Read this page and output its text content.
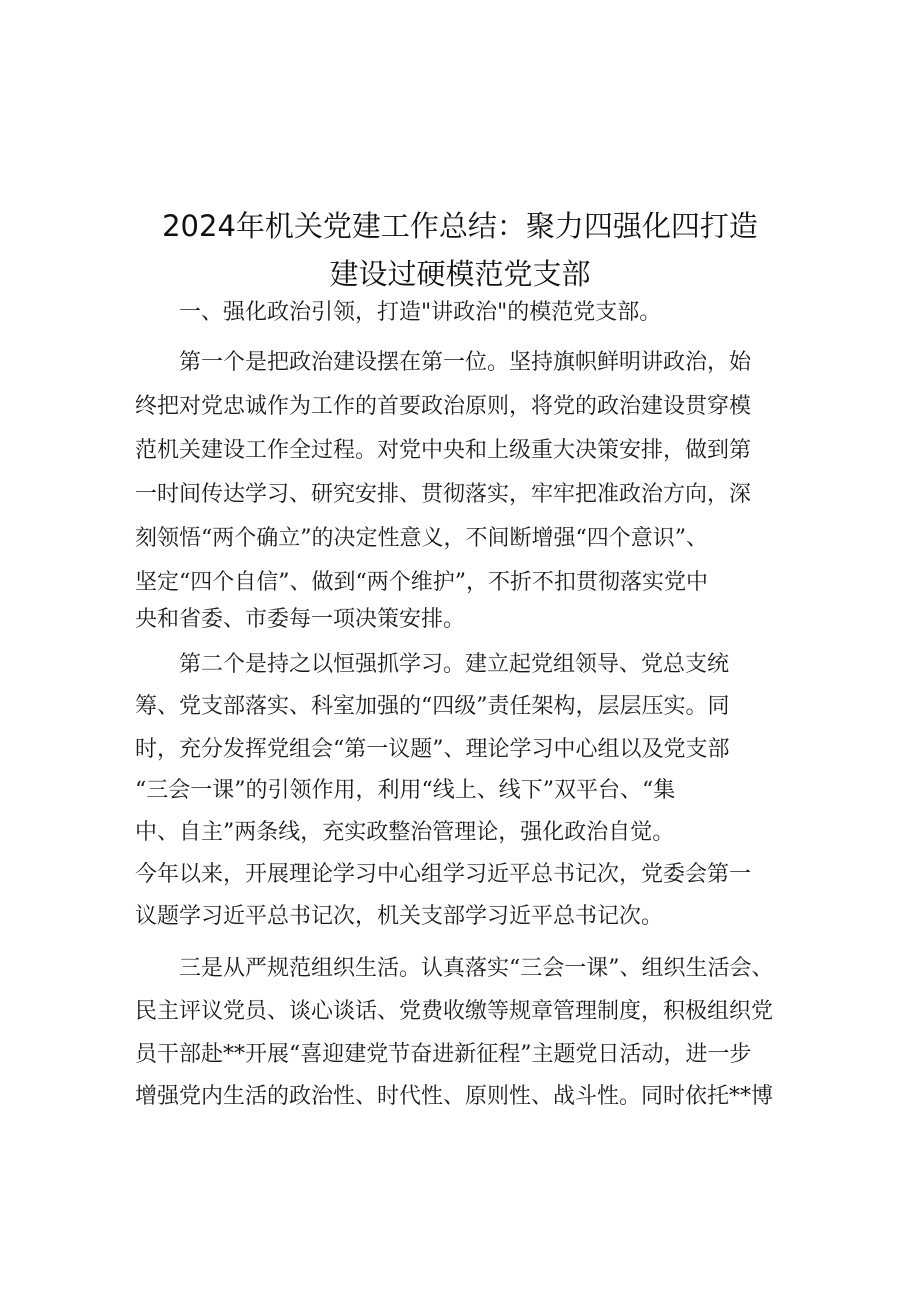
2024年机关党建工作总结：聚力四强化四打造
建设过硬模范党支部
一、强化政治引领，打造"讲政治"的模范党支部。
第一个是把政治建设摆在第一位。坚持旗帜鲜明讲政治，始
终把对党忠诚作为工作的首要政治原则，将党的政治建设贯穿模
范机关建设工作全过程。对党中央和上级重大决策安排，做到第
一时间传达学习、研究安排、贯彻落实，牢牢把准政治方向，深
刻领悟“两个确立”的决定性意义，不间断增强“四个意识”、
坚定“四个自信”、做到“两个维护”，不折不扣贯彻落实党中
央和省委、市委每一项决策安排。
第二个是持之以恒强抓学习。建立起党组领导、党总支统
筹、党支部落实、科室加强的“四级”责任架构，层层压实。同
时，充分发挥党组会“第一议题”、理论学习中心组以及党支部
“三会一课”的引领作用，利用“线上、线下”双平台、“集
中、自主”两条线，充实政整治管理论，强化政治自觉。
今年以来，开展理论学习中心组学习近平总书记次，党委会第一
议题学习近平总书记次，机关支部学习近平总书记次。
三是从严规范组织生活。认真落实“三会一课”、组织生活会、
民主评议党员、谈心谈话、党费收缴等规章管理制度，积极组织党
员干部赴**开展“喜迎建党节奋进新征程”主题党日活动，进一步
增强党内生活的政治性、时代性、原则性、战斗性。同时依托**博
